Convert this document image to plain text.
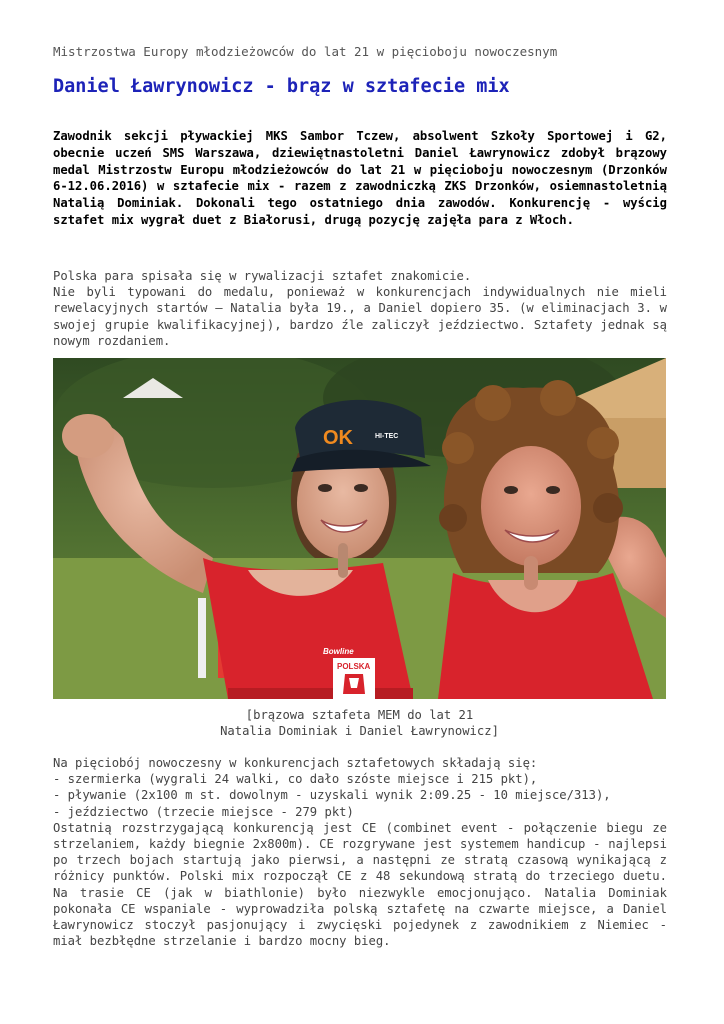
Mistrzostwa Europy młodzieżowców do lat 21 w pięcioboju nowoczesnym
Daniel Ławrynowicz - brąz w sztafecie mix
Zawodnik sekcji pływackiej MKS Sambor Tczew, absolwent Szkoły Sportowej i G2, obecnie uczeń SMS Warszawa, dziewiętnastoletni Daniel Ławrynowicz zdobył brązowy medal Mistrzostw Europu młodzieżowców do lat 21 w pięcioboju nowoczesnym (Drzonków 6-12.06.2016) w sztafecie mix - razem z zawodniczką ZKS Drzonków, osiemnastoletnią Natalią Dominiak. Dokonali tego ostatniego dnia zawodów. Konkurencję - wyścig sztafet mix wygrał duet z Białorusi, drugą pozycję zajęła para z Włoch.
Polska para spisała się w rywalizacji sztafet znakomicie.
Nie byli typowani do medalu, ponieważ w konkurencjach indywidualnych nie mieli rewelacyjnych startów – Natalia była 19., a Daniel dopiero 35. (w eliminacjach 3. w swojej grupie kwalifikacyjnej), bardzo źle zaliczył jeździectwo. Sztafety jednak są nowym rozdaniem.
OK	HI-TEC
Bowline
POLSKA
[brązowa sztafeta MEM do lat 21
Natalia Dominiak i Daniel Ławrynowicz]
Na pięciobój nowoczesny w konkurencjach sztafetowych składają się:
- szermierka (wygrali 24 walki, co dało szóste miejsce i 215 pkt),
- pływanie (2x100 m st. dowolnym - uzyskali wynik 2:09.25 - 10 miejsce/313),
- jeździectwo (trzecie miejsce - 279 pkt)
Ostatnią rozstrzygającą konkurencją jest CE (combinet event - połączenie biegu ze strzelaniem, każdy biegnie 2x800m). CE rozgrywane jest systemem handicup - najlepsi po trzech bojach startują jako pierwsi, a następni ze stratą czasową wynikającą z różnicy punktów. Polski mix rozpoczął CE z 48 sekundową stratą do trzeciego duetu. Na trasie CE (jak w biathlonie) było niezwykle emocjonująco. Natalia Dominiak pokonała CE wspaniale - wyprowadziła polską sztafetę na czwarte miejsce, a Daniel Ławrynowicz stoczył pasjonujący i zwycięski pojedynek z zawodnikiem z Niemiec - miał bezbłędne strzelanie i bardzo mocny bieg.
